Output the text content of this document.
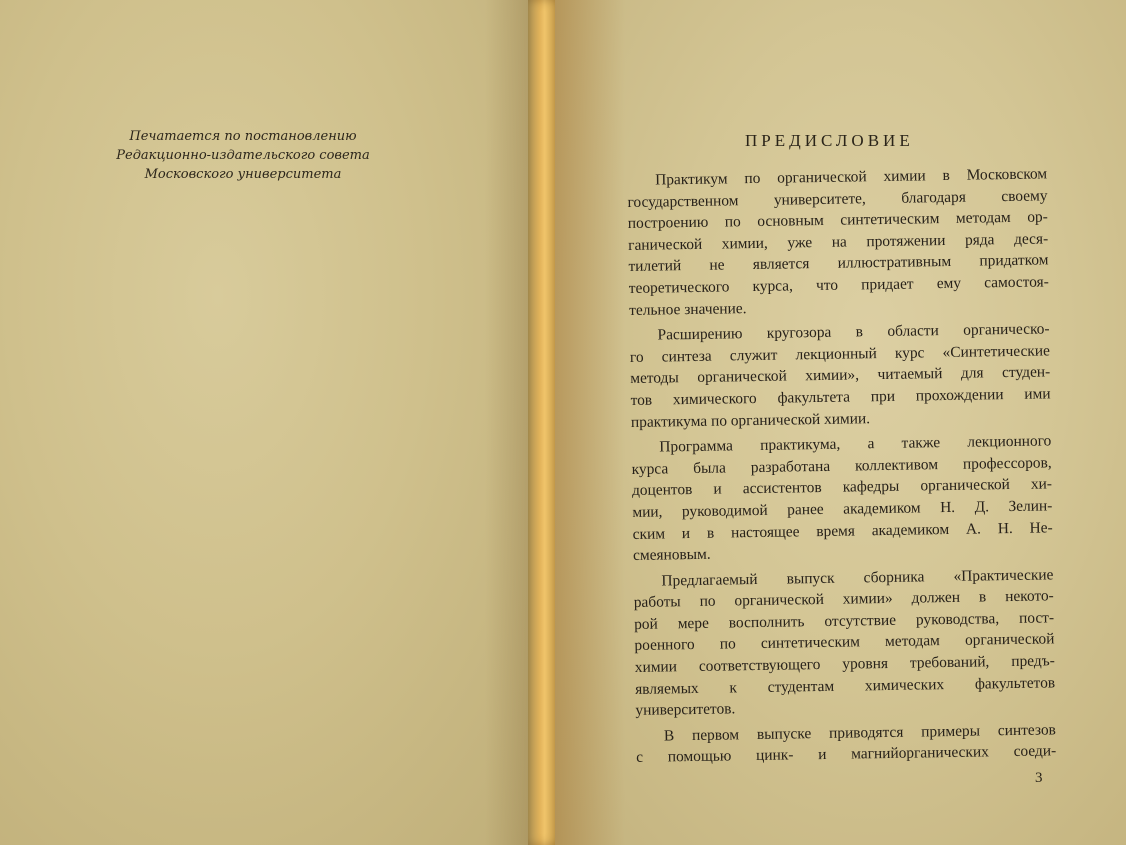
Печатается по постановлению
Редакционно-издательского совета
Московского университета
ПРЕДИСЛОВИЕ
Практикум по органической химии в Московском
государственном университете, благодаря своему
построению по основным синтетическим методам ор-
ганической химии, уже на протяжении ряда деся-
тилетий не является иллюстративным придатком
теоретического курса, что придает ему самостоя-
тельное значение.
Расширению кругозора в области органическо-
го синтеза служит лекционный курс «Синтетические
методы органической химии», читаемый для студен-
тов химического факультета при прохождении ими
практикума по органической химии.
Программа практикума, а также лекционного
курса была разработана коллективом профессоров,
доцентов и ассистентов кафедры органической хи-
мии, руководимой ранее академиком Н. Д. Зелин-
ским и в настоящее время академиком А. Н. Не-
смеяновым.
Предлагаемый выпуск сборника «Практические
работы по органической химии» должен в некото-
рой мере восполнить отсутствие руководства, пост-
роенного по синтетическим методам органической
химии соответствующего уровня требований, предъ-
являемых к студентам химических факультетов
университетов.
В первом выпуске приводятся примеры синтезов
с помощью цинк- и магнийорганических соеди-
3
